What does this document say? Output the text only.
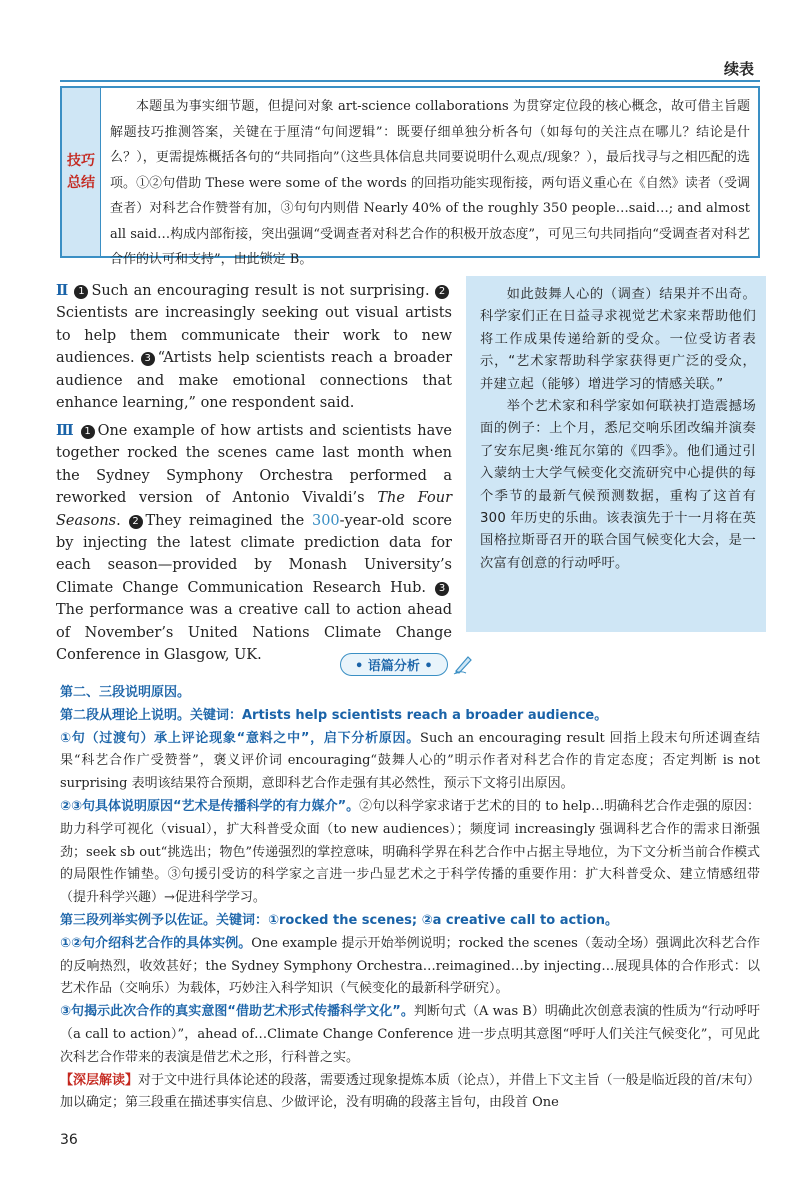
续表
技巧
总结

本题虽为事实细节题，但提问对象 art-science collaborations 为贯穿定位段的核心概念，故可借主旨题解题技巧推测答案，关键在于厘清“句间逻辑”：既要仔细单独分析各句（如每句的关注点在哪儿？结论是什么？），更需提炼概括各句的“共同指向”（这些具体信息共同要说明什么观点/现象？），最后找寻与之相匹配的选项。①②句借助 These were some of the words 的回指功能实现衔接，两句语义重心在《自然》读者（受调查者）对科艺合作赞誉有加，③句句内则借 Nearly 40% of the roughly 350 people…said…; and almost all said…构成内部衔接，突出强调“受调查者对科艺合作的积极开放态度”，可见三句共同指向“受调查者对科艺合作的认可和支持”，由此锁定 B。

Ⅱ 1 Such an encouraging result is not surprising. 2Scientists are increasingly seeking out visual artists to help them communicate their work to new audiences. 3 “Artists help scientists reach a broader audience and make emotional connections that enhance learning,” one respondent said.

Ⅲ 1 One example of how artists and scientists have together rocked the scenes came last month when the Sydney Symphony Orchestra performed a reworked version of Antonio Vivaldi’s The Four Seasons. 2 They reimagined the 300-year-old score by injecting the latest climate prediction data for each season—provided by Monash University’s Climate Change Communication Research Hub. 3The performance was a creative call to action ahead of November’s United Nations Climate Change Conference in Glasgow, UK.

如此鼓舞人心的（调查）结果并不出奇。科学家们正在日益寻求视觉艺术家来帮助他们将工作成果传递给新的受众。一位受访者表示，“艺术家帮助科学家获得更广泛的受众，并建立起（能够）增进学习的情感关联。”

举个艺术家和科学家如何联袂打造震撼场面的例子：上个月，悉尼交响乐团改编并演奏了安东尼奥·维瓦尔第的《四季》。他们通过引入蒙纳士大学气候变化交流研究中心提供的每个季节的最新气候预测数据，重构了这首有 300 年历史的乐曲。该表演先于十一月将在英国格拉斯哥召开的联合国气候变化大会，是一次富有创意的行动呼吁。

• 语篇分析 •

第二、三段说明原因。

第二段从理论上说明。关键词：Artists help scientists reach a broader audience。

①句（过渡句）承上评论现象“意料之中”，启下分析原因。Such an encouraging result 回指上段末句所述调查结果“科艺合作广受赞誉”，褒义评价词 encouraging“鼓舞人心的”明示作者对科艺合作的肯定态度；否定判断 is not surprising 表明该结果符合预期，意即科艺合作走强有其必然性，预示下文将引出原因。

②③句具体说明原因“艺术是传播科学的有力媒介”。②句以科学家求诸于艺术的目的 to help…明确科艺合作走强的原因：助力科学可视化（visual），扩大科普受众面（to new audiences）；频度词 increasingly 强调科艺合作的需求日渐强劲；seek sb out“挑选出；物色”传递强烈的掌控意味，明确科学界在科艺合作中占据主导地位，为下文分析当前合作模式的局限性作铺垫。③句援引受访的科学家之言进一步凸显艺术之于科学传播的重要作用：扩大科普受众、建立情感纽带（提升科学兴趣）→促进科学学习。

第三段列举实例予以佐证。关键词：①rocked the scenes; ②a creative call to action。

①②句介绍科艺合作的具体实例。One example 提示开始举例说明；rocked the scenes（轰动全场）强调此次科艺合作的反响热烈，收效甚好；the Sydney Symphony Orchestra…reimagined…by injecting…展现具体的合作形式：以艺术作品（交响乐）为载体，巧妙注入科学知识（气候变化的最新科学研究）。

③句揭示此次合作的真实意图“借助艺术形式传播科学文化”。判断句式（A was B）明确此次创意表演的性质为“行动呼吁（a call to action）”，ahead of…Climate Change Conference 进一步点明其意图“呼吁人们关注气候变化”，可见此次科艺合作带来的表演是借艺术之形，行科普之实。

【深层解读】对于文中进行具体论述的段落，需要透过现象提炼本质（论点），并借上下文主旨（一般是临近段的首/末句）加以确定；第三段重在描述事实信息、少做评论，没有明确的段落主旨句，由段首 One

36
